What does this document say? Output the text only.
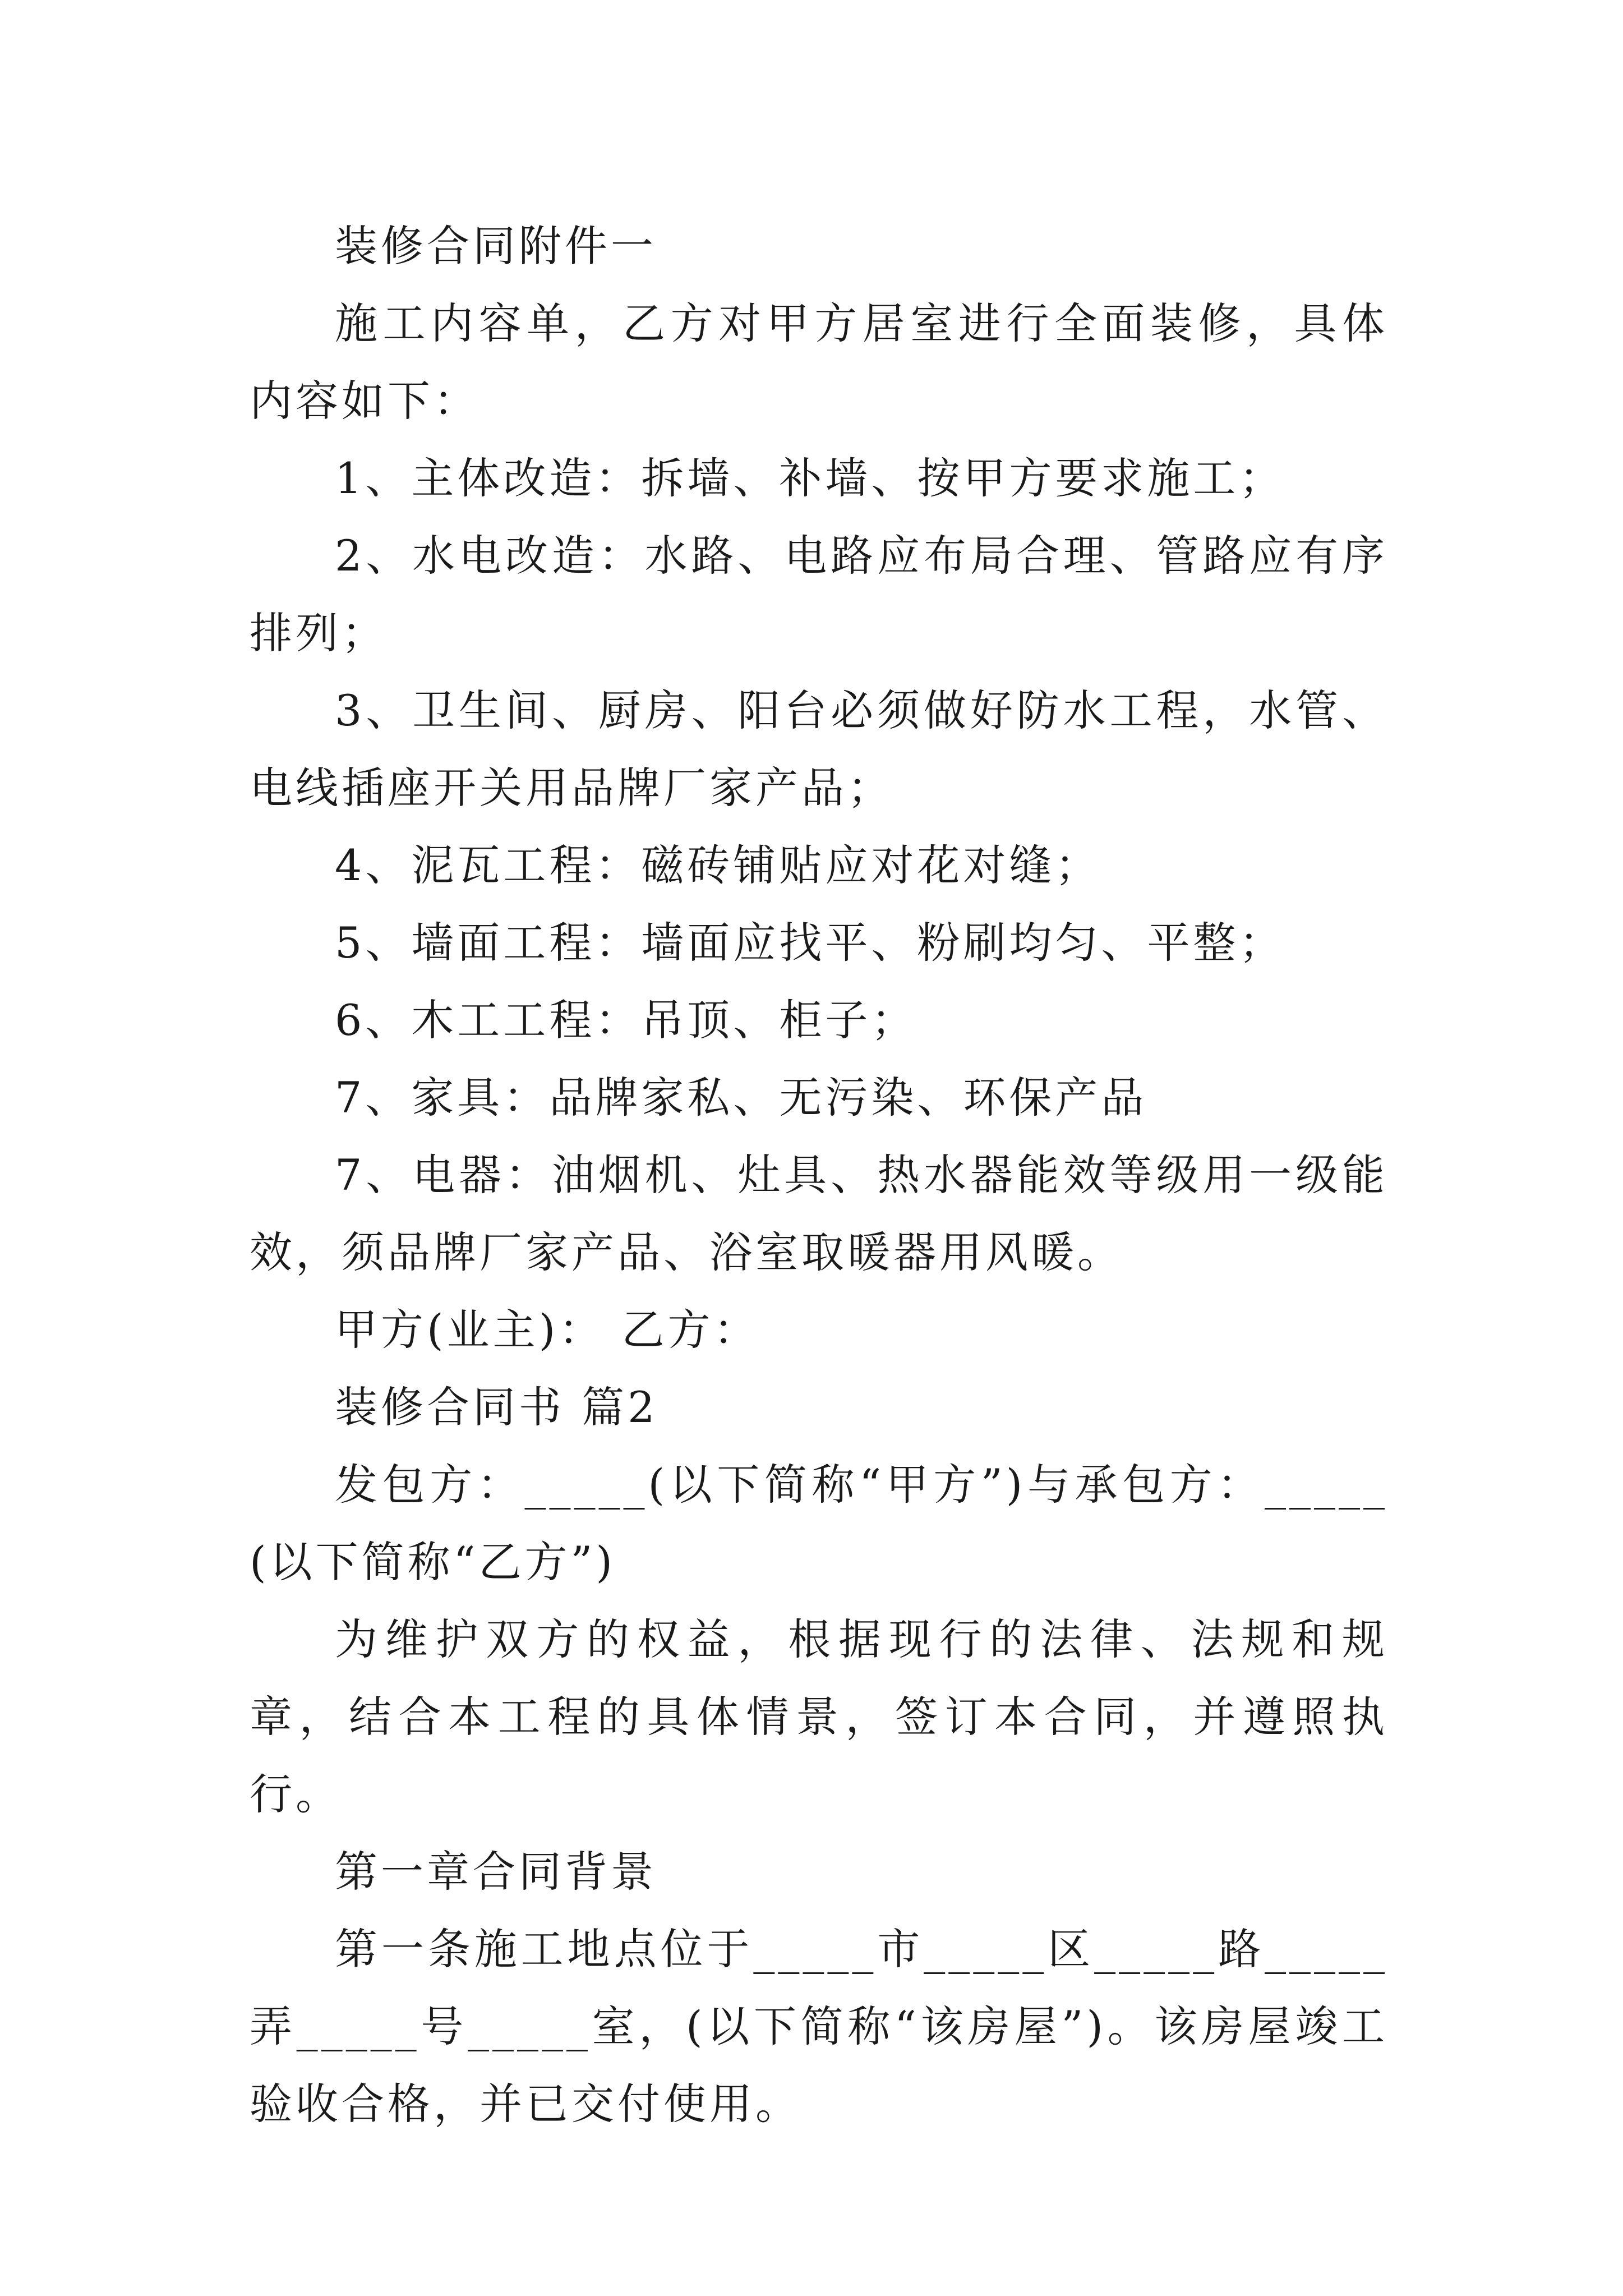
装修合同附件一

施工内容单，乙方对甲方居室进行全面装修，具体内容如下：

1、主体改造：拆墙、补墙、按甲方要求施工；

2、水电改造：水路、电路应布局合理、管路应有序排列；

3、卫生间、厨房、阳台必须做好防水工程，水管、电线插座开关用品牌厂家产品；

4、泥瓦工程：磁砖铺贴应对花对缝；

5、墙面工程：墙面应找平、粉刷均匀、平整；

6、木工工程：吊顶、柜子；

7、家具：品牌家私、无污染、环保产品

7、电器：油烟机、灶具、热水器能效等级用一级能效，须品牌厂家产品、浴室取暖器用风暖。

甲方(业主)： 乙方：

装修合同书 篇2

发包方：_____(以下简称“甲方”)与承包方：_____(以下简称“乙方”)

为维护双方的权益，根据现行的法律、法规和规章，结合本工程的具体情景，签订本合同，并遵照执行。

第一章合同背景

第一条施工地点位于_____市_____区_____路_____弄_____号_____室，(以下简称“该房屋”)。该房屋竣工验收合格，并已交付使用。
